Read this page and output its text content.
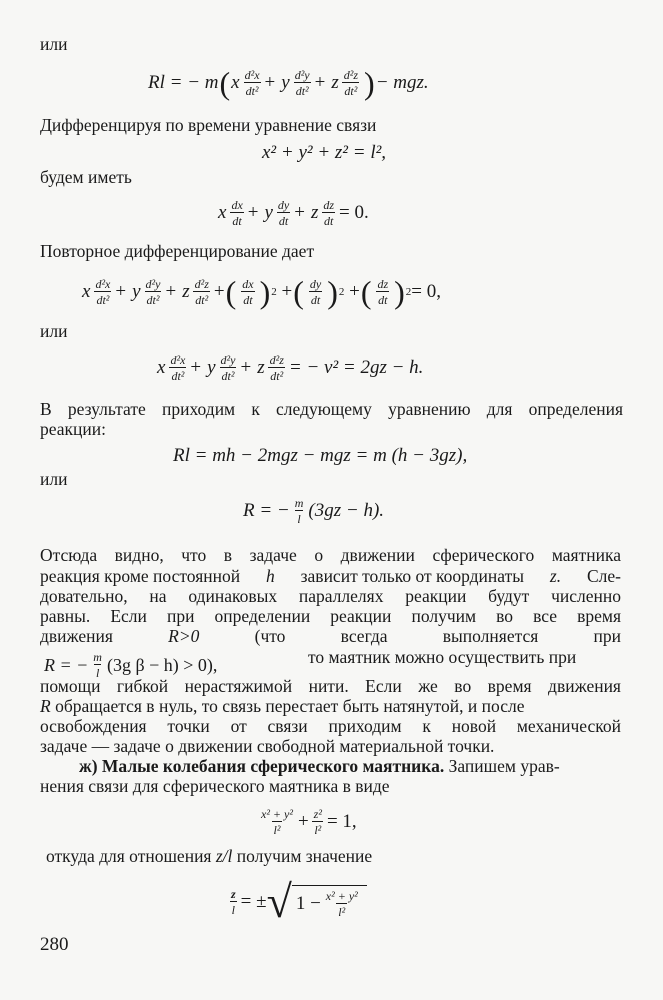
или

Rl = − m ( x $\frac{\text{d²x}}{\text{dt²}} + y \frac{\text{d²y}}{\text{dt²}} + z \frac{\text{d²z}}{\text{dt²}}$ ) − mgz.

Дифференцируя по времени уравнение связи

x² + y² + z² = l²,

будем иметь

x $\frac{dx}{dt} + y \frac{dy}{dt} + z \frac{dz}{dt} = 0$.

Повторное дифференцирование дает

x $\frac{\text{d²x}}{\text{dt²}} + y \frac{\text{d²y}}{\text{dt²}} + z \frac{\text{d²z}}{\text{dt²}}$ + ( $\frac{dx}{dt}$ ) 2 + ( $\frac{dy}{dt}$ ) 2 + ( $\frac{dz}{dt}$ ) 2 = 0,

или

x $\frac{\text{d²x}}{\text{dt²}} + y \frac{\text{d²y}}{\text{dt²}} + z \frac{\text{d²z}}{\text{dt²}}$ = − v² = 2gz − h.

В результате приходим к следующему уравнению для определения

реакции:

Rl = mh − 2mgz − mgz = m (h − 3gz),

или

R = − $\frac{m}{l} (3gz - h)$.

Отсюда видно, что в задаче о движении сферического маятника

реакция кроме постоянной h зависит только от координаты z. Сле-

довательно, на одинаковых параллелях реакции будут численно

равны. Если при определении реакции получим во все время

движения	R>0	(что	всегда	выполняется	при

R = − $\frac{m}{l} (3g$ β − h) > 0),	то маятник можно осуществить при

помощи гибкой нерастяжимой нити. Если же во время движения

R обращается в нуль, то связь перестает быть натянутой, и после

освобождения точки от связи приходим к новой механической

задаче — задаче о движении свободной материальной точки.

ж) Малые колебания сферического маятника. Запишем урав-

нения связи для сферического маятника в виде

$\frac{\text{x² + y²}}{\text{l²}} + \frac{\text{z²}}{\text{l²}} = 1$,

откуда для отношения z/l получим значение

$\frac{z}{l}$ = ± √ $1 - \frac{\text{x² + y²}}{\text{l²}}$

280
